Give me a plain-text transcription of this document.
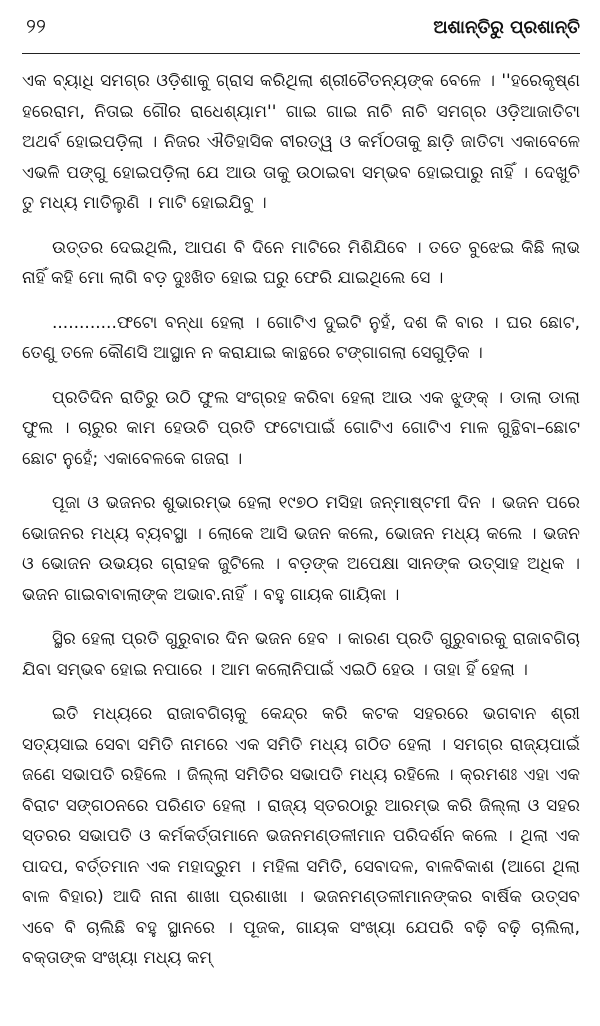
୨୨	ଅଶାନ୍ତିରୁ ପ୍ରଶାନ୍ତି

ଏକ ବ୍ୟାଧି ସମଗ୍ର ଓଡ଼ିଶାକୁ ଗ୍ରାସ କରିଥିଲା ଶ୍ରୀଚୈତନ୍ୟଙ୍କ ବେଳେ । ''ହରେକୃଷ୍ଣ ହରେରାମ, ନିତାଇ ଗୌର ରାଧେଶ୍ୟାମ'' ଗାଇ ଗାଇ ନାଚି ନାଚି ସମଗ୍ର ଓଡ଼ିଆଜାତିଟା ଅଥର୍ବ ହୋଇପଡ଼ିଲା । ନିଜର ଐତିହାସିକ ବୀରତ୍ୱ ଓ କର୍ମଠତାକୁ ଛାଡ଼ି ଜାତିଟା ଏକାବେଳେ ଏଭଳି ପଙ୍ଗୁ ହୋଇପଡ଼ିଲା ଯେ ଆଉ ତାକୁ ଉଠାଇବା ସମ୍ଭବ ହୋଇପାରୁ ନାହିଁ । ଦେଖୁଚି ତୁ ମଧ୍ୟ ମାତିଲୁଣି । ମାଟି ହୋଇଯିବୁ ।

ଉତ୍ତର ଦେଇଥିଲି, ଆପଣ ବି ଦିନେ ମାଟିରେ ମିଶିଯିବେ । ତତେ ବୁଝେଇ କିଛି ଲାଭ ନାହିଁ କହି ମୋ ଲାଗି ବଡ଼ ଦୁଃଖିତ ହୋଇ ଘରୁ ଫେରି ଯାଇଥିଲେ ସେ ।

............ଫଟୋ ବନ୍ଧା ହେଲା । ଗୋଟିଏ ଦୁଇଟି ନୁହଁ, ଦଶ କି ବାର । ଘର ଛୋଟ, ତେଣୁ ତଳେ କୌଣସି ଆସ୍ଥାନ ନ କରାଯାଇ କାନ୍ଥରେ ଟଙ୍ଗାଗଲା ସେଗୁଡ଼ିକ ।

ପ୍ରତିଦିନ ରାତିରୁ ଉଠି ଫୁଲ ସଂଗ୍ରହ କରିବା ହେଲା ଆଉ ଏକ ଝୁଙ୍କ୍ । ଡାଲା ଡାଲା ଫୁଲ । ଚାରୁର କାମ ହେଉଚି ପ୍ରତି ଫଟୋପାଇଁ ଗୋଟିଏ ଗୋଟିଏ ମାଳ ଗୁନ୍ଥିବା–ଛୋଟ ଛୋଟ ନୁହେଁ; ଏକାବେଳକେ ଗଜରା ।

ପୂଜା ଓ ଭଜନର ଶୁଭାରମ୍ଭ ହେଲା ୧୯୭୦ ମସିହା ଜନ୍ମାଷ୍ଟମୀ ଦିନ । ଭଜନ ପରେ ଭୋଜନର ମଧ୍ୟ ବ୍ୟବସ୍ଥା । ଲୋକେ ଆସି ଭଜନ କଲେ, ଭୋଜନ ମଧ୍ୟ କଲେ । ଭଜନ ଓ ଭୋଜନ ଉଭୟର ଗ୍ରାହକ ଜୁଟିଲେ । ବଡ଼ଙ୍କ ଅପେକ୍ଷା ସାନଙ୍କ ଉତ୍ସାହ ଅଧିକ । ଭଜନ ଗାଇବାବାଲାଙ୍କ ଅଭାବ.ନାହିଁ । ବହୁ ଗାୟକ ଗାୟିକା ।

ସ୍ଥିର ହେଲା ପ୍ରତି ଗୁରୁବାର ଦିନ ଭଜନ ହେବ । କାରଣ ପ୍ରତି ଗୁରୁବାରକୁ ରାଜାବଗିଚା ଯିବା ସମ୍ଭବ ହୋଇ ନପାରେ । ଆମ କଲୋନିପାଇଁ ଏଇଠି ହେଉ । ତାହା ହିଁ ହେଲା ।

ଇତି ମଧ୍ୟରେ ରାଜାବଗିଚାକୁ କେନ୍ଦ୍ର କରି କଟକ ସହରରେ ଭଗବାନ ଶ୍ରୀ ସତ୍ୟସାଇ ସେବା ସମିତି ନାମରେ ଏକ ସମିତି ମଧ୍ୟ ଗଠିତ ହେଲା । ସମଗ୍ର ରାଜ୍ୟପାଇଁ ଜଣେ ସଭାପତି ରହିଲେ । ଜିଲ୍ଲା ସମିତିର ସଭାପତି ମଧ୍ୟ ରହିଲେ । କ୍ରମଶଃ ଏହା ଏକ ବିରାଟ ସଙ୍ଗଠନରେ ପରିଣତ ହେଲା । ରାଜ୍ୟ ସ୍ତରଠାରୁ ଆରମ୍ଭ କରି ଜିଲ୍ଲା ଓ ସହର ସ୍ତରର ସଭାପତି ଓ କର୍ମକର୍ତ୍ତାମାନେ ଭଜନମଣ୍ଡଳୀମାନ ପରିଦର୍ଶନ କଲେ । ଥିଲା ଏକ ପାଦପ, ବର୍ତ୍ତମାନ ଏକ ମହାଦ୍ରୁମ । ମହିଳା ସମିତି, ସେବାଦଳ, ବାଳବିକାଶ (ଆଗେ ଥିଲା ବାଳ ବିହାର) ଆଦି ନାନା ଶାଖା ପ୍ରଶାଖା । ଭଜନମଣ୍ଡଳୀମାନଙ୍କର ବାର୍ଷିକ ଉତ୍ସବ ଏବେ ବି ଚାଲିଛି ବହୁ ସ୍ଥାନରେ । ପୂଜକ, ଗାୟକ ସଂଖ୍ୟା ଯେପରି ବଢ଼ି ବଢ଼ି ଚାଲିଲା, ବକ୍ତାଙ୍କ ସଂଖ୍ୟା ମଧ୍ୟ କମ୍
